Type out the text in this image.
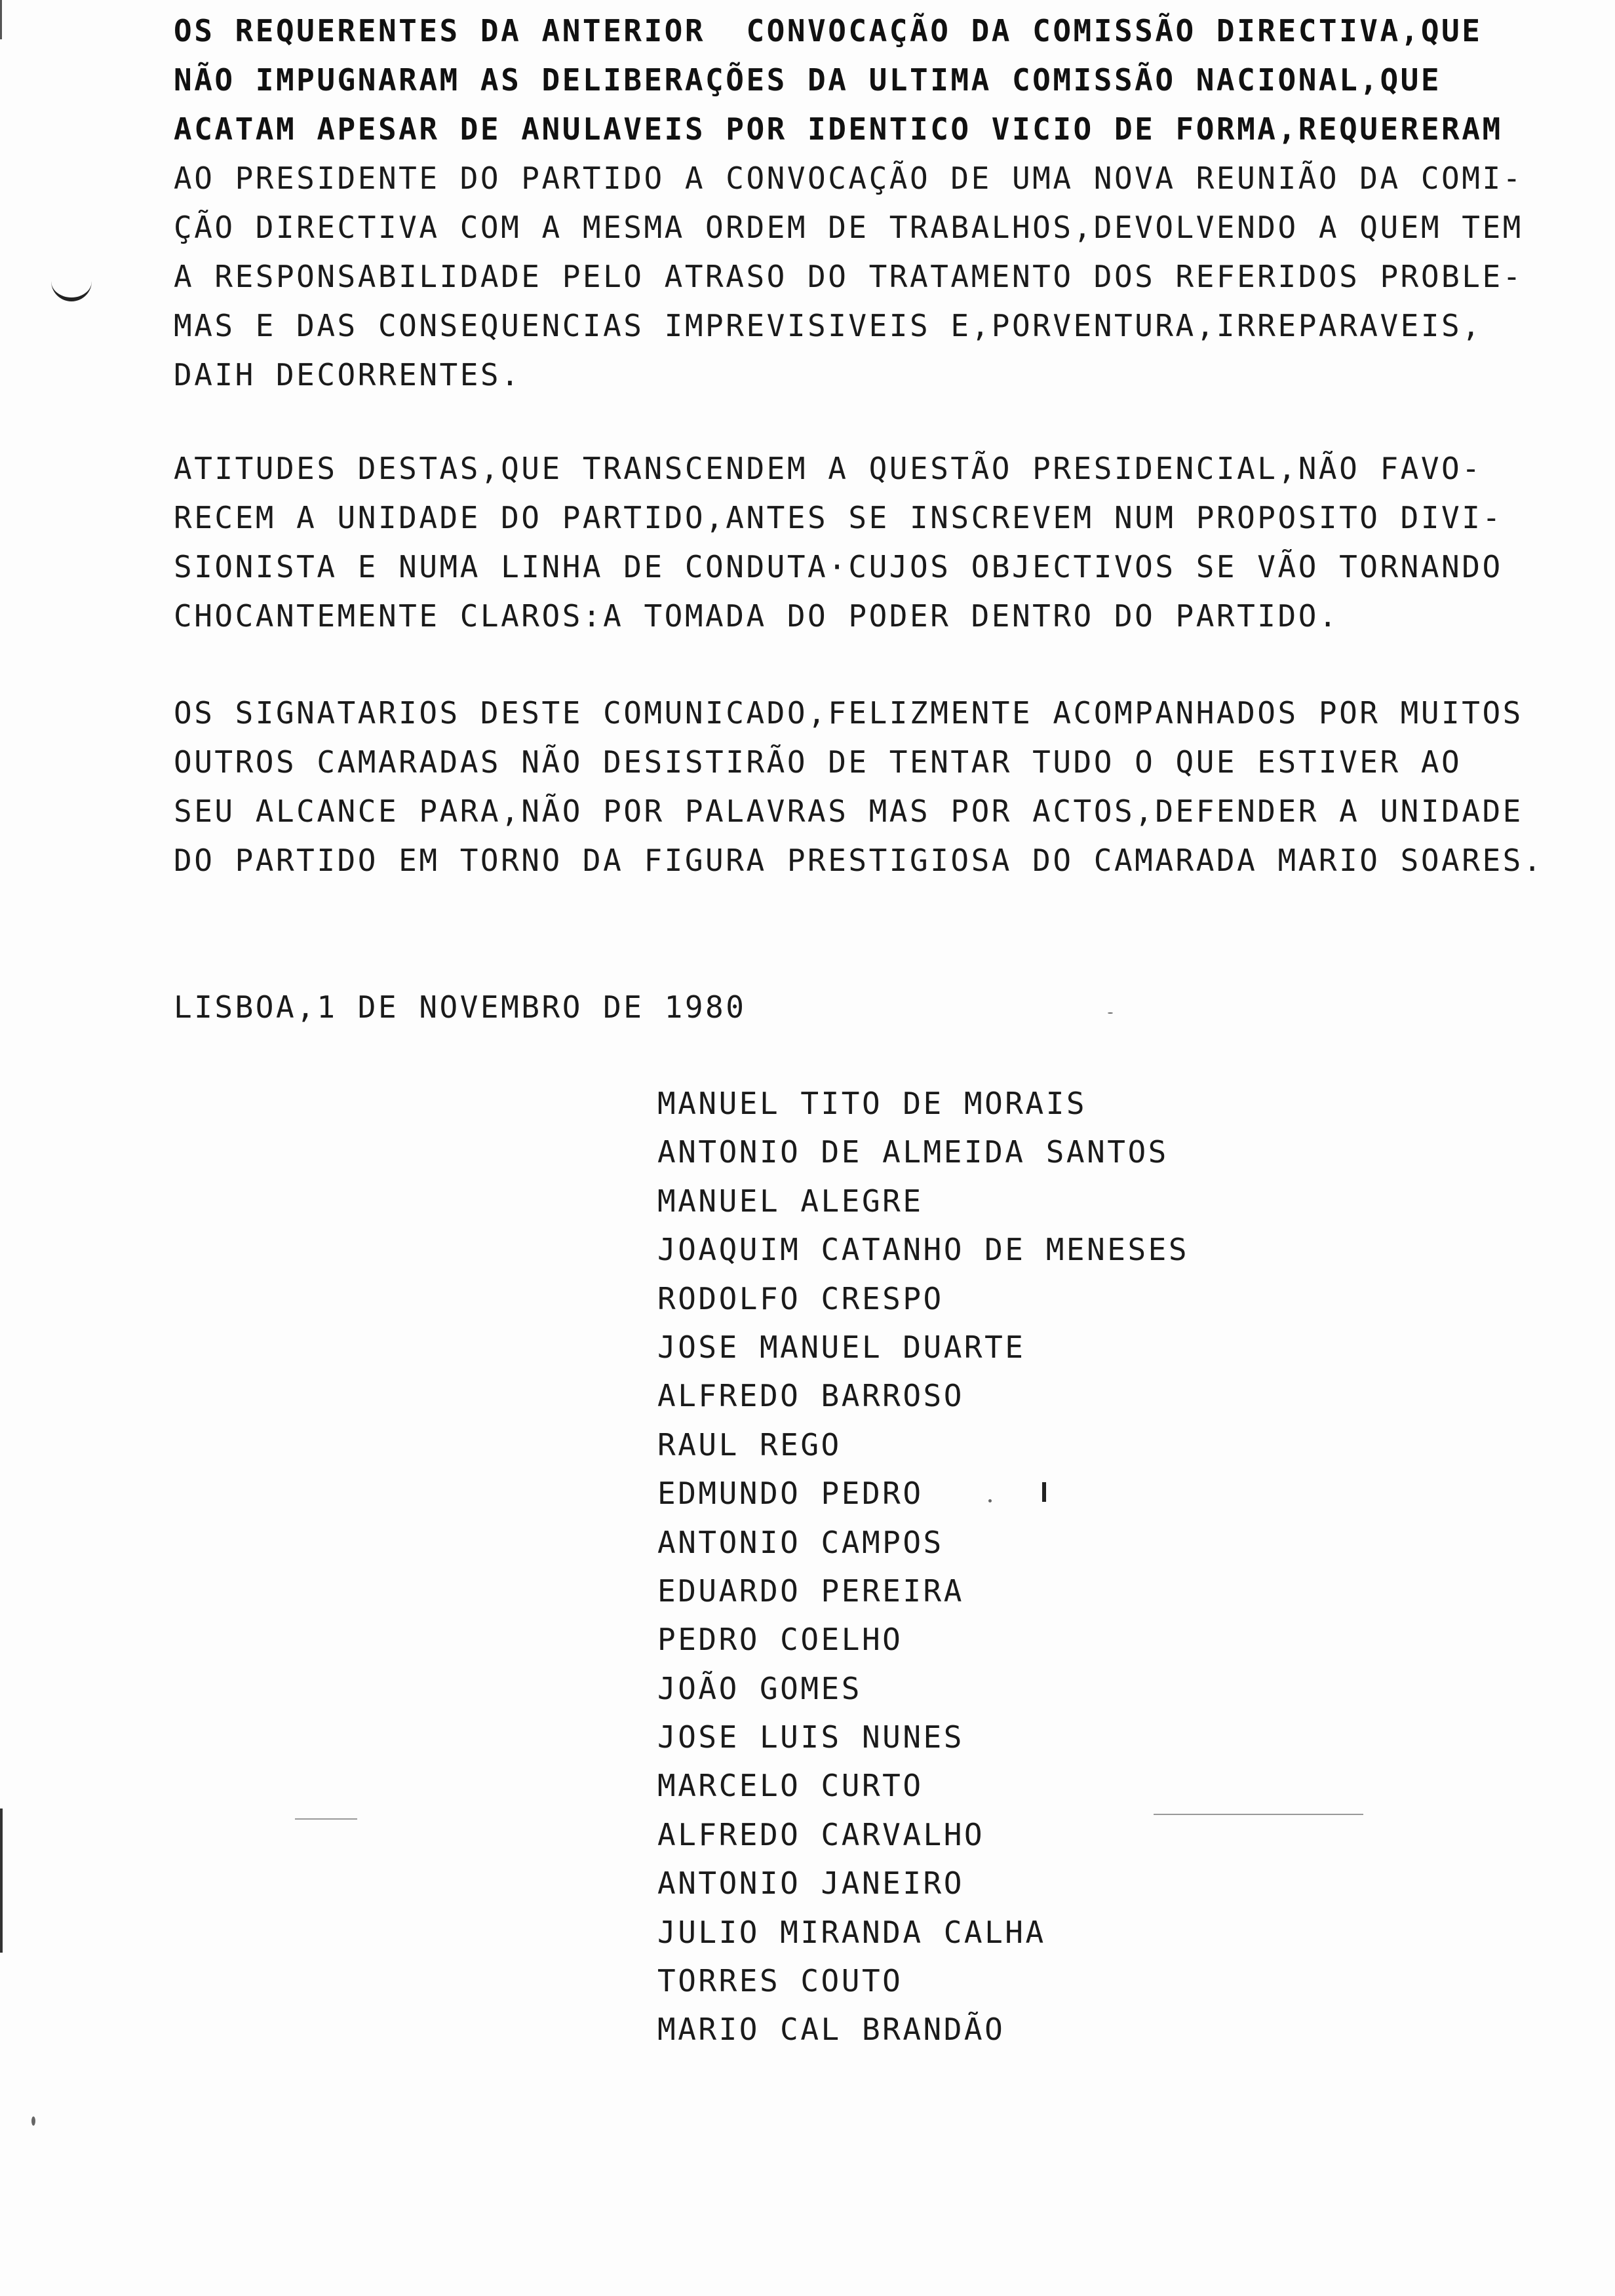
OS REQUERENTES DA ANTERIOR  CONVOCAÇÃO DA COMISSÃO DIRECTIVA,QUE
NÃO IMPUGNARAM AS DELIBERAÇÕES DA ULTIMA COMISSÃO NACIONAL,QUE
ACATAM APESAR DE ANULAVEIS POR IDENTICO VICIO DE FORMA,REQUERERAM
AO PRESIDENTE DO PARTIDO A CONVOCAÇÃO DE UMA NOVA REUNIÃO DA COMI-
ÇÃO DIRECTIVA COM A MESMA ORDEM DE TRABALHOS,DEVOLVENDO A QUEM TEM
A RESPONSABILIDADE PELO ATRASO DO TRATAMENTO DOS REFERIDOS PROBLE-
MAS E DAS CONSEQUENCIAS IMPREVISIVEIS E,PORVENTURA,IRREPARAVEIS,
DAIH DECORRENTES.
ATITUDES DESTAS,QUE TRANSCENDEM A QUESTÃO PRESIDENCIAL,NÃO FAVO-
RECEM A UNIDADE DO PARTIDO,ANTES SE INSCREVEM NUM PROPOSITO DIVI-
SIONISTA E NUMA LINHA DE CONDUTA·CUJOS OBJECTIVOS SE VÃO TORNANDO
CHOCANTEMENTE CLAROS:A TOMADA DO PODER DENTRO DO PARTIDO.
OS SIGNATARIOS DESTE COMUNICADO,FELIZMENTE ACOMPANHADOS POR MUITOS
OUTROS CAMARADAS NÃO DESISTIRÃO DE TENTAR TUDO O QUE ESTIVER AO
SEU ALCANCE PARA,NÃO POR PALAVRAS MAS POR ACTOS,DEFENDER A UNIDADE
DO PARTIDO EM TORNO DA FIGURA PRESTIGIOSA DO CAMARADA MARIO SOARES.
LISBOA,1 DE NOVEMBRO DE 1980
MANUEL TITO DE MORAIS
ANTONIO DE ALMEIDA SANTOS
MANUEL ALEGRE
JOAQUIM CATANHO DE MENESES
RODOLFO CRESPO
JOSE MANUEL DUARTE
ALFREDO BARROSO
RAUL REGO
EDMUNDO PEDRO
ANTONIO CAMPOS
EDUARDO PEREIRA
PEDRO COELHO
JOÃO GOMES
JOSE LUIS NUNES
MARCELO CURTO
ALFREDO CARVALHO
ANTONIO JANEIRO
JULIO MIRANDA CALHA
TORRES COUTO
MARIO CAL BRANDÃO
